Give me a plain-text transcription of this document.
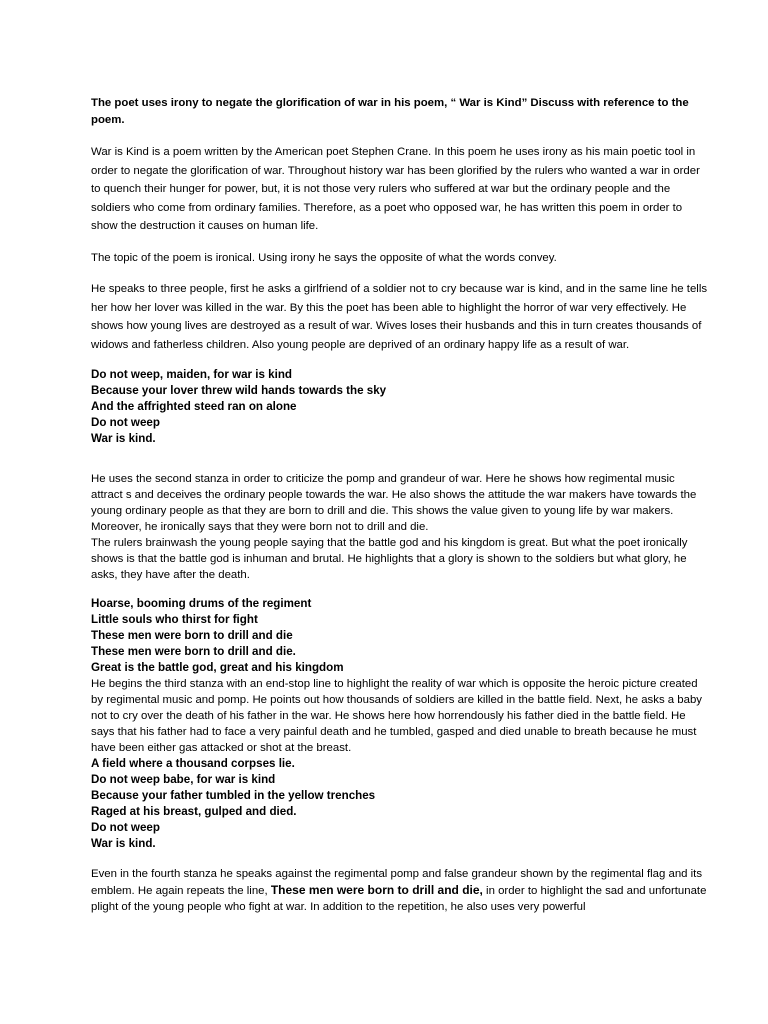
The poet uses irony to negate the glorification of war in his poem, “ War is Kind” Discuss with reference to the poem.
War is Kind is a poem written by the American poet Stephen Crane. In this poem he uses irony as his main poetic tool in order to negate the glorification of war. Throughout history war has been glorified by the rulers who wanted a war in order to quench their hunger for power, but, it is not those very rulers who suffered at war but the ordinary people and the soldiers who come from ordinary families. Therefore, as a poet who opposed war, he has written this poem in order to show the destruction it causes on human life.
The topic of the poem is ironical. Using irony he says the opposite of what the words convey.
He speaks to three people, first he asks a girlfriend of a soldier not to cry because war is kind, and in the same line he tells her how her lover was killed in the war. By this the poet has been able to highlight the horror of war very effectively. He shows how young lives are destroyed as a result of war. Wives loses their husbands and this in turn creates thousands of widows and fatherless children. Also young people are deprived of an ordinary happy life as a result of war.
Do not weep, maiden, for war is kind
Because your lover threw wild hands towards the sky
And the affrighted steed ran on alone
Do not weep
War is kind.
He uses the second stanza in order to criticize the pomp and grandeur of war. Here he shows how regimental music attract s and deceives the ordinary people towards the war. He also shows the attitude the war makers have towards the young ordinary people as that they are born to drill and die. This shows the value given to young life by war makers. Moreover, he ironically says that they were born not to drill and die.
The rulers brainwash the young people saying that the battle god and his kingdom is great. But what the poet ironically shows is that the battle god is inhuman and brutal. He highlights that a glory is shown to the soldiers but what glory, he asks, they have after the death.
Hoarse, booming drums of the regiment
Little souls who thirst for fight
These men were born to drill and die
These men were born to drill and die.
Great is the battle god, great and his kingdom
He begins the third stanza with an end-stop line to highlight the reality of war which is opposite the heroic picture created by regimental music and pomp. He points out how thousands of soldiers are killed in the battle field. Next, he asks a baby not to cry over the death of his father in the war. He shows here how horrendously his father died in the battle field. He says that his father had to face a very painful death and he tumbled, gasped and died unable to breath because he must have been either gas attacked or shot at the breast.
A field where a thousand corpses lie.
Do not weep babe, for war is kind
Because your father tumbled in the yellow trenches
Raged at his breast, gulped and died.
Do not weep
War is kind.
Even in the fourth stanza he speaks against the regimental pomp and false grandeur shown by the regimental flag and its emblem. He again repeats the line, These men were born to drill and die, in order to highlight the sad and unfortunate plight of the young people who fight at war. In addition to the repetition, he also uses very powerful
